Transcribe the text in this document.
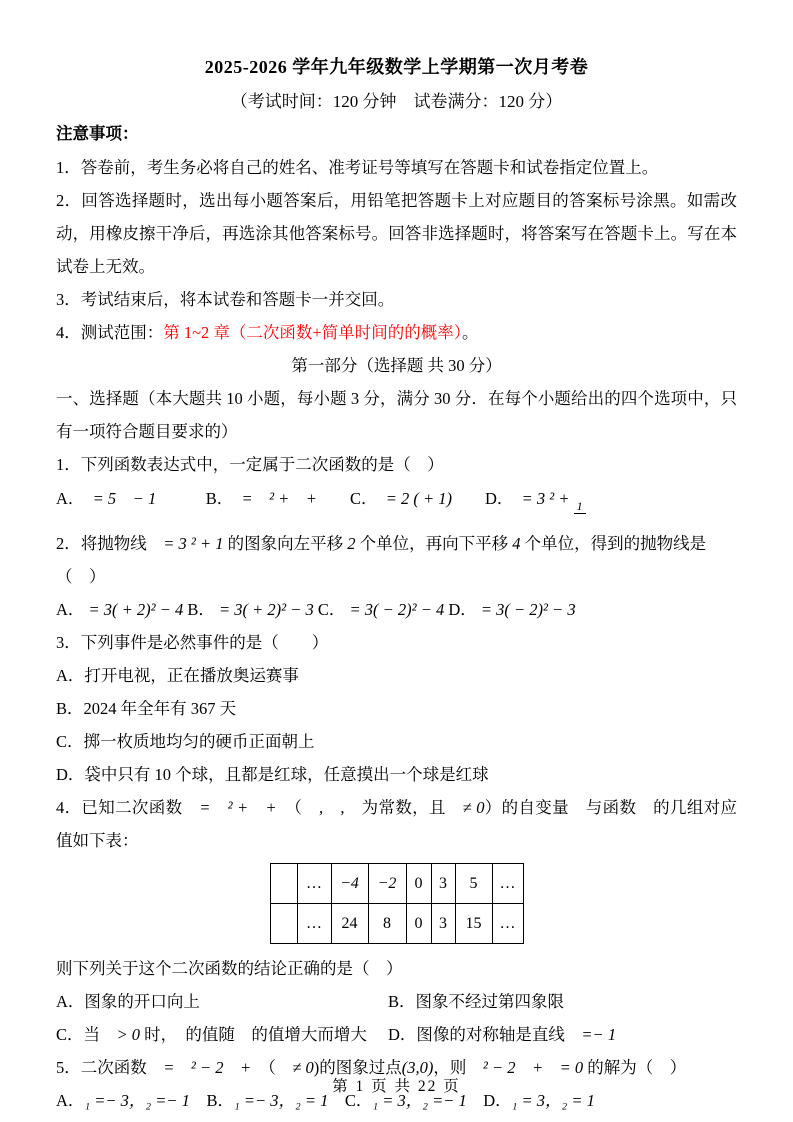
2025-2026 学年九年级数学上学期第一次月考卷
（考试时间：120 分钟　试卷满分：120 分）
注意事项：
1．答卷前，考生务必将自己的姓名、准考证号等填写在答题卡和试卷指定位置上。
2．回答选择题时，选出每小题答案后，用铅笔把答题卡上对应题目的答案标号涂黑。如需改动，用橡皮擦干净后，再选涂其他答案标号。回答非选择题时，将答案写在答题卡上。写在本试卷上无效。
3．考试结束后，将本试卷和答题卡一并交回。
4．测试范围：第 1~2 章（二次函数+简单时间的的概率）。
第一部分（选择题 共 30 分）
一、选择题（本大题共 10 小题，每小题 3 分，满分 30 分．在每个小题给出的四个选项中，只有一项符合题目要求的）
1．下列函数表达式中，一定属于二次函数的是（　）
A．　= 5　− 1　　　	B．　=　² +　+　　 C．　= 2 ( + 1)　　 D．　= 3 ² + 1
2．将抛物线　= 3 ² + 1 的图象向左平移 2 个单位，再向下平移 4 个单位，得到的抛物线是（　）
A． = 3( + 2)² − 4 B． = 3( + 2)² − 3 C． = 3( − 2)² − 4 D． = 3( − 2)² − 3
3．下列事件是必然事件的是（　　）
A．打开电视，正在播放奥运赛事
B．2024 年全年有 367 天
C．掷一枚质地均匀的硬币正面朝上
D．袋中只有 10 个球，且都是红球，任意摸出一个球是红球
4．已知二次函数　=　² +　+　（　,　,　为常数，且　≠ 0）的自变量　与函数　的几组对应值如下表：
	…	−4	−2	0	3	5	…
	…	24	8	0	3	15	…
则下列关于这个二次函数的结论正确的是（　）
A．图象的开口向上	B．图象不经过第四象限
C．当　> 0 时，　的值随　的值增大而增大	D．图像的对称轴是直线　=− 1
5．二次函数　=　² − 2　+　（　≠ 0)的图象过点(3,0)，则　² − 2　+　= 0 的解为（　）
A．₁ =− 3，₂ =− 1　 B．₁ =− 3，₂ = 1　 C．₁ = 3，₂ =− 1　 D．₁ = 3，₂ = 1
第 1 页 共 22 页
